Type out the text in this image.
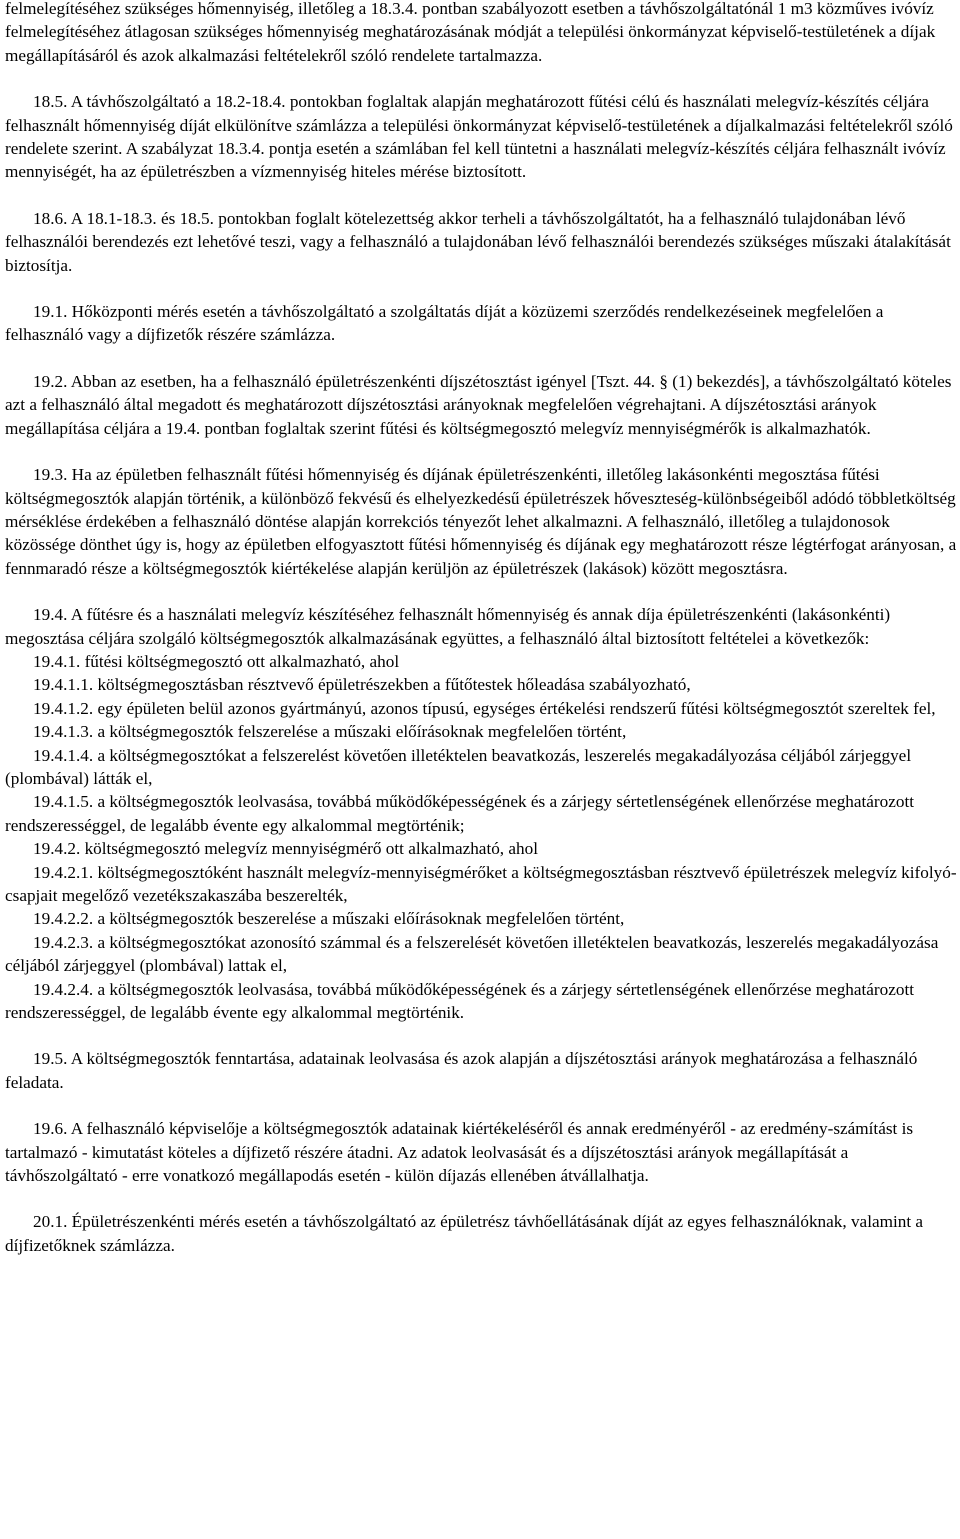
felmelegítéséhez szükséges hőmennyiség, illetőleg a 18.3.4. pontban szabályozott esetben a távhőszolgáltatónál 1 m3 közműves ivóvíz felmelegítéséhez átlagosan szükséges hőmennyiség meghatározásának módját a települési önkormányzat képviselő-testületének a díjak megállapításáról és azok alkalmazási feltételekről szóló rendelete tartalmazza.

18.5. A távhőszolgáltató a 18.2-18.4. pontokban foglaltak alapján meghatározott fűtési célú és használati melegvíz-készítés céljára felhasznált hőmennyiség díját elkülönítve számlázza a települési önkormányzat képviselő-testületének a díjalkalmazási feltételekről szóló rendelete szerint. A szabályzat 18.3.4. pontja esetén a számlában fel kell tüntetni a használati melegvíz-készítés céljára felhasznált ivóvíz mennyiségét, ha az épületrészben a vízmennyiség hiteles mérése biztosított.

18.6. A 18.1-18.3. és 18.5. pontokban foglalt kötelezettség akkor terheli a távhőszolgáltatót, ha a felhasználó tulajdonában lévő felhasználói berendezés ezt lehetővé teszi, vagy a felhasználó a tulajdonában lévő felhasználói berendezés szükséges műszaki átalakítását biztosítja.

19.1. Hőközponti mérés esetén a távhőszolgáltató a szolgáltatás díját a közüzemi szerződés rendelkezéseinek megfelelően a felhasználó vagy a díjfizetők részére számlázza.

19.2. Abban az esetben, ha a felhasználó épületrészenkénti díjszétosztást igényel [Tszt. 44. § (1) bekezdés], a távhőszolgáltató köteles azt a felhasználó által megadott és meghatározott díjszétosztási arányoknak megfelelően végrehajtani. A díjszétosztási arányok megállapítása céljára a 19.4. pontban foglaltak szerint fűtési és költségmegosztó melegvíz mennyiségmérők is alkalmazhatók.

19.3. Ha az épületben felhasznált fűtési hőmennyiség és díjának épületrészenkénti, illetőleg lakásonkénti megosztása fűtési költségmegosztók alapján történik, a különböző fekvésű és elhelyezkedésű épületrészek hőveszteség-különbségeiből adódó többletköltség mérséklése érdekében a felhasználó döntése alapján korrekciós tényezőt lehet alkalmazni. A felhasználó, illetőleg a tulajdonosok közössége dönthet úgy is, hogy az épületben elfogyasztott fűtési hőmennyiség és díjának egy meghatározott része légtérfogat arányosan, a fennmaradó része a költségmegosztók kiértékelése alapján kerüljön az épületrészek (lakások) között megosztásra.

19.4. A fűtésre és a használati melegvíz készítéséhez felhasznált hőmennyiség és annak díja épületrészenkénti (lakásonkénti) megosztása céljára szolgáló költségmegosztók alkalmazásának együttes, a felhasználó által biztosított feltételei a következők:

19.4.1. fűtési költségmegosztó ott alkalmazható, ahol

19.4.1.1. költségmegosztásban résztvevő épületrészekben a fűtőtestek hőleadása szabályozható,

19.4.1.2. egy épületen belül azonos gyártmányú, azonos típusú, egységes értékelési rendszerű fűtési költségmegosztót szereltek fel,

19.4.1.3. a költségmegosztók felszerelése a műszaki előírásoknak megfelelően történt,

19.4.1.4. a költségmegosztókat a felszerelést követően illetéktelen beavatkozás, leszerelés megakadályozása céljából zárjeggyel (plombával) látták el,

19.4.1.5. a költségmegosztók leolvasása, továbbá működőképességének és a zárjegy sértetlenségének ellenőrzése meghatározott rendszerességgel, de legalább évente egy alkalommal megtörténik;

19.4.2. költségmegosztó melegvíz mennyiségmérő ott alkalmazható, ahol

19.4.2.1. költségmegosztóként használt melegvíz-mennyiségmérőket a költségmegosztásban résztvevő épületrészek melegvíz kifolyó-csapjait megelőző vezetékszakaszába beszerelték,

19.4.2.2. a költségmegosztók beszerelése a műszaki előírásoknak megfelelően történt,

19.4.2.3. a költségmegosztókat azonosító számmal és a felszerelését követően illetéktelen beavatkozás, leszerelés megakadályozása céljából zárjeggyel (plombával) lattak el,

19.4.2.4. a költségmegosztók leolvasása, továbbá működőképességének és a zárjegy sértetlenségének ellenőrzése meghatározott rendszerességgel, de legalább évente egy alkalommal megtörténik.

19.5. A költségmegosztók fenntartása, adatainak leolvasása és azok alapján a díjszétosztási arányok meghatározása a felhasználó feladata.

19.6. A felhasználó képviselője a költségmegosztók adatainak kiértékeléséről és annak eredményéről - az eredmény-számítást is tartalmazó - kimutatást köteles a díjfizető részére átadni. Az adatok leolvasását és a díjszétosztási arányok megállapítását a távhőszolgáltató - erre vonatkozó megállapodás esetén - külön díjazás ellenében átvállalhatja.

20.1. Épületrészenkénti mérés esetén a távhőszolgáltató az épületrész távhőellátásának díját az egyes felhasználóknak, valamint a díjfizetőknek számlázza.
